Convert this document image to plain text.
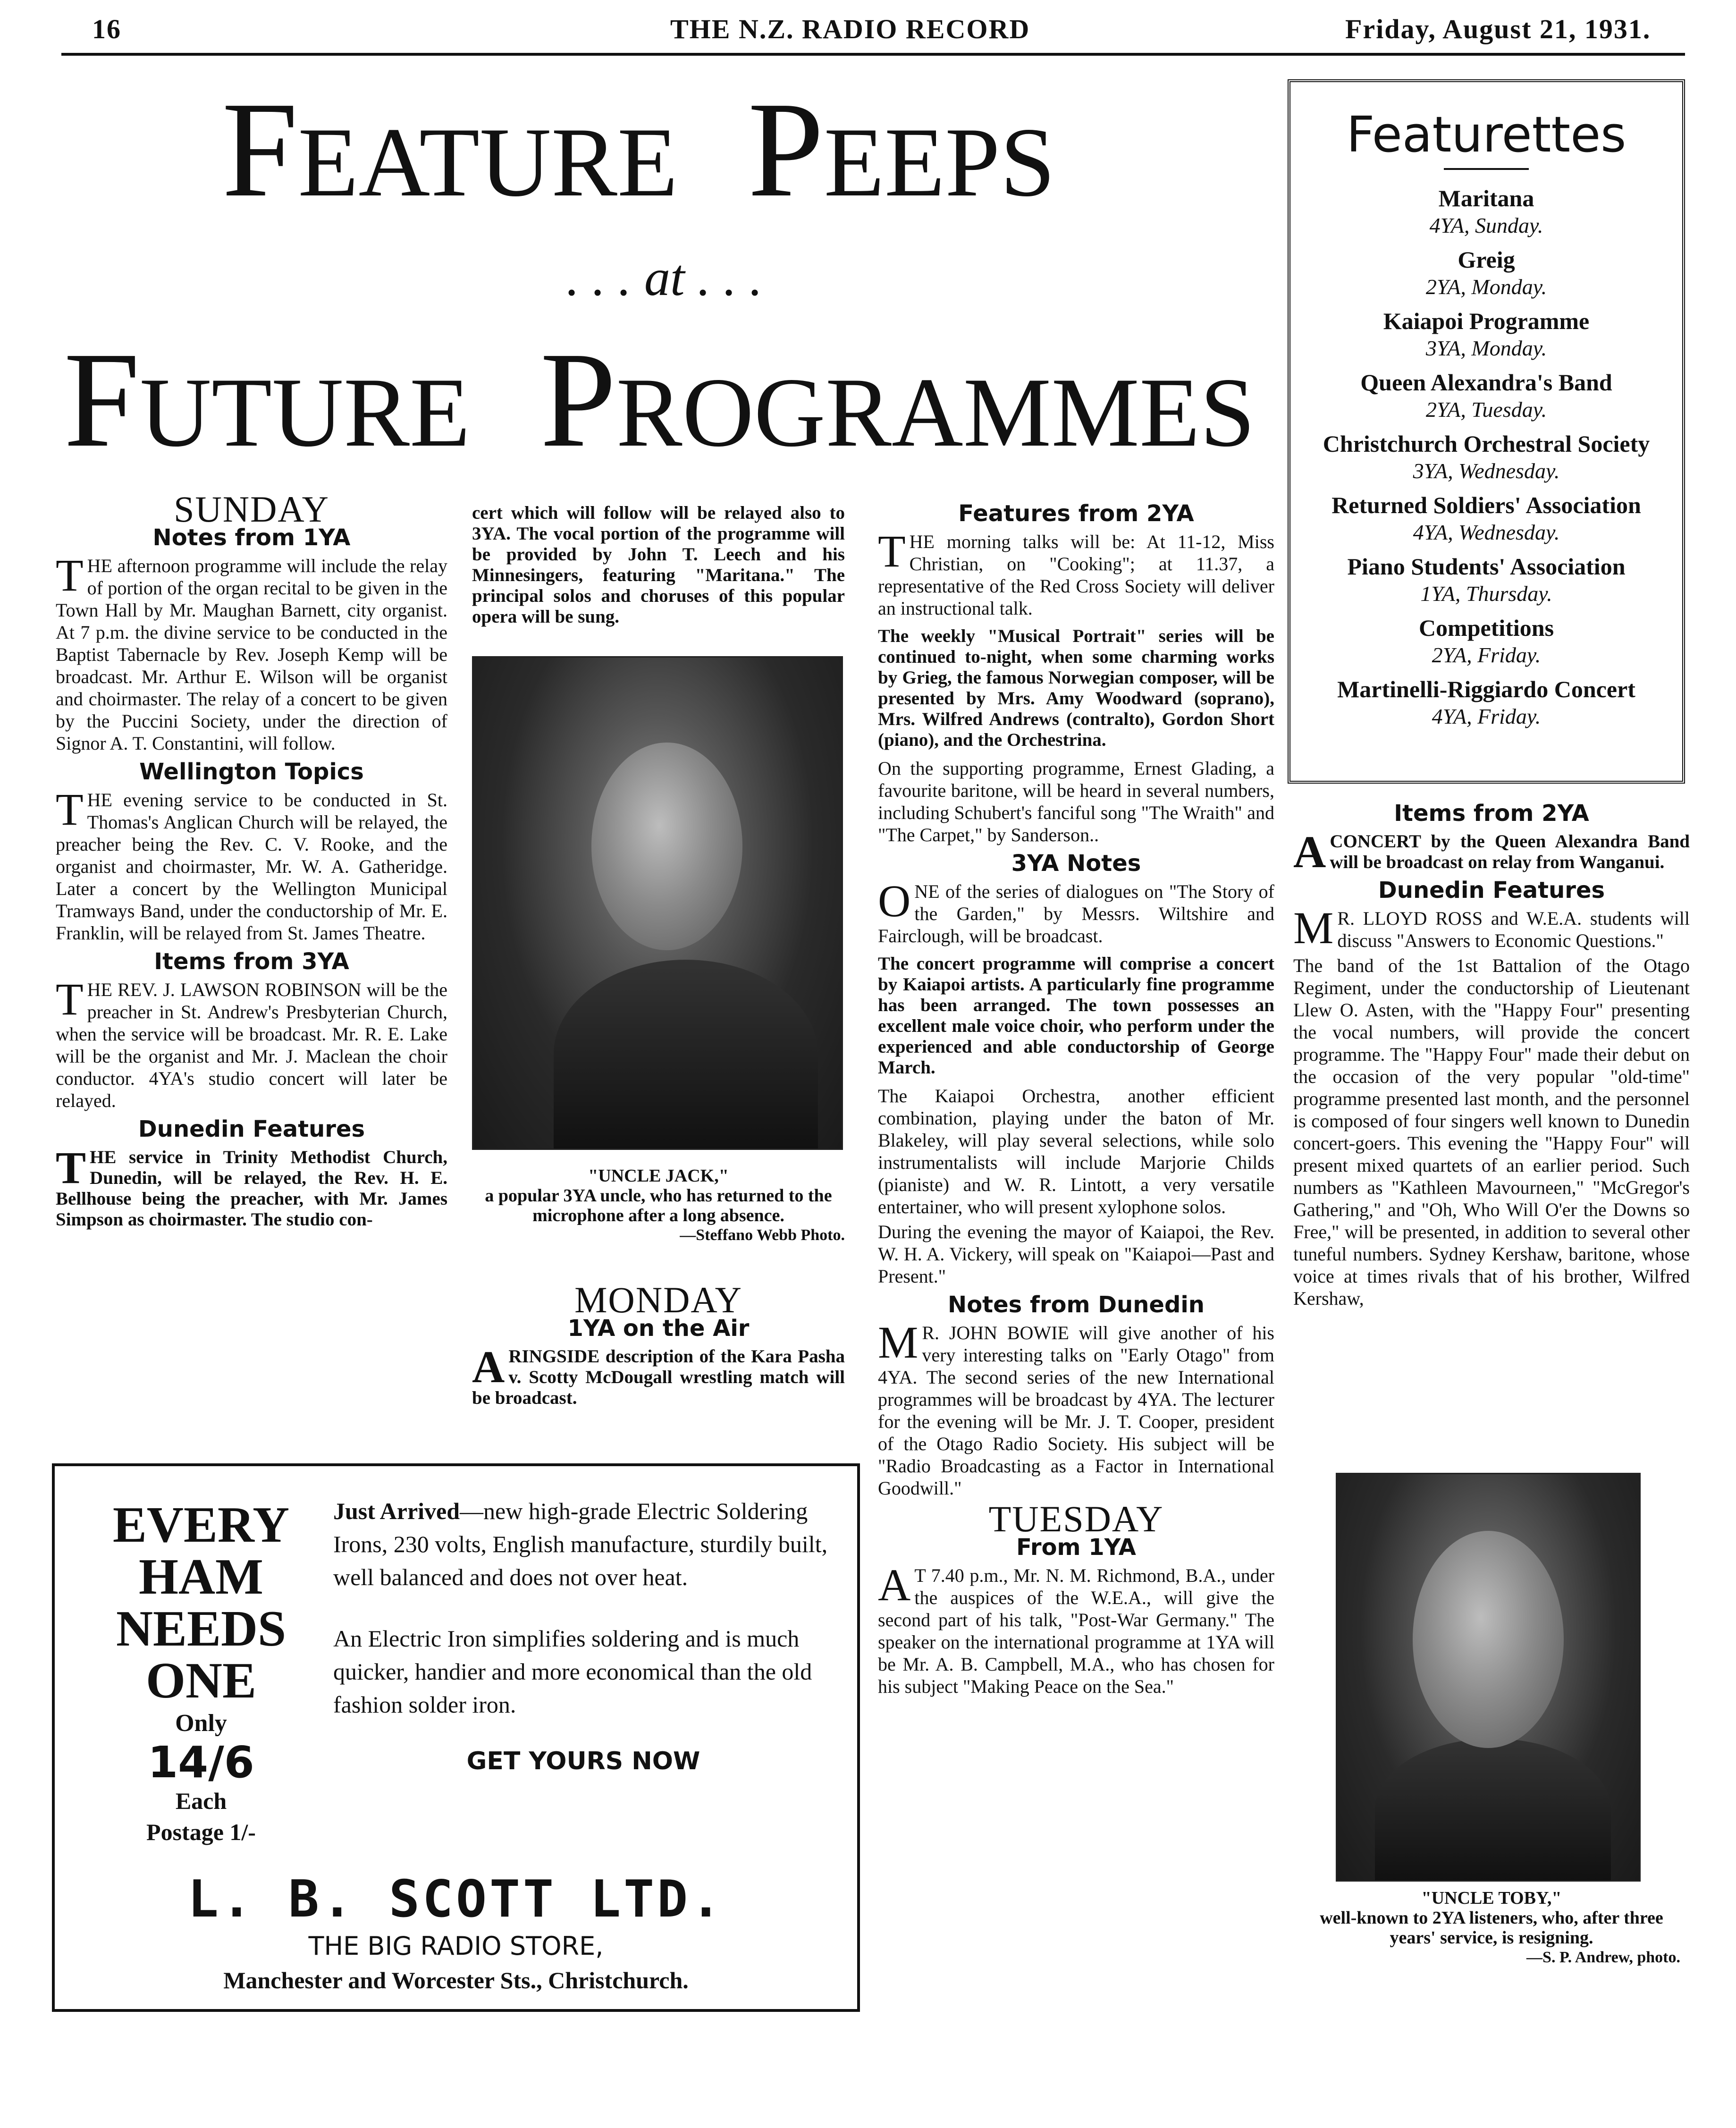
16	THE N.Z. RADIO RECORD	Friday, August 21, 1931.
FEATURE PEEPS
. . . at . . .
FUTURE PROGRAMMES
Featurettes
Maritana
4YA, Sunday.
Greig
2YA, Monday.
Kaiapoi Programme
3YA, Monday.
Queen Alexandra's Band
2YA, Tuesday.
Christchurch Orchestral Society
3YA, Wednesday.
Returned Soldiers' Association
4YA, Wednesday.
Piano Students' Association
1YA, Thursday.
Competitions
2YA, Friday.
Martinelli-Riggiardo Concert
4YA, Friday.
SUNDAY
Notes from 1YA

THE afternoon programme will include the relay of portion of the organ recital to be given in the Town Hall by Mr. Maughan Barnett, city organist. At 7 p.m. the divine service to be conducted in the Baptist Tabernacle by Rev. Joseph Kemp will be broadcast. Mr. Arthur E. Wilson will be organist and choirmaster. The relay of a concert to be given by the Puccini Society, under the direction of Signor A. T. Constantini, will follow.

Wellington Topics

THE evening service to be conducted in St. Thomas's Anglican Church will be relayed, the preacher being the Rev. C. V. Rooke, and the organist and choirmaster, Mr. W. A. Gatheridge. Later a concert by the Wellington Municipal Tramways Band, under the conductorship of Mr. E. Franklin, will be relayed from St. James Theatre.

Items from 3YA

THE REV. J. LAWSON ROBINSON will be the preacher in St. Andrew's Presbyterian Church, when the service will be broadcast. Mr. R. E. Lake will be the organist and Mr. J. Maclean the choir conductor. 4YA's studio concert will later be relayed.

Dunedin Features

THE service in Trinity Methodist Church, Dunedin, will be relayed, the Rev. H. E. Bellhouse being the preacher, with Mr. James Simpson as choirmaster. The studio con-

cert which will follow will be relayed also to 3YA. The vocal portion of the programme will be provided by John T. Leech and his Minnesingers, featuring "Maritana." The principal solos and choruses of this popular opera will be sung.

"UNCLE JACK,"
a popular 3YA uncle, who has returned to the microphone after a long absence.
—Steffano Webb Photo.
MONDAY
1YA on the Air

ARINGSIDE description of the Kara Pasha v. Scotty McDougall wrestling match will be broadcast.

Features from 2YA

THE morning talks will be: At 11-12, Miss Christian, on "Cooking"; at 11.37, a representative of the Red Cross Society will deliver an instructional talk.

The weekly "Musical Portrait" series will be continued to-night, when some charming works by Grieg, the famous Norwegian composer, will be presented by Mrs. Amy Woodward (soprano), Mrs. Wilfred Andrews (contralto), Gordon Short (piano), and the Orchestrina.

On the supporting programme, Ernest Glading, a favourite baritone, will be heard in several numbers, including Schubert's fanciful song "The Wraith" and "The Carpet," by Sanderson..

3YA Notes

ONE of the series of dialogues on "The Story of the Garden," by Messrs. Wiltshire and Fairclough, will be broadcast.

The concert programme will comprise a concert by Kaiapoi artists. A particularly fine programme has been arranged. The town possesses an excellent male voice choir, who perform under the experienced and able conductorship of George March.

The Kaiapoi Orchestra, another efficient combination, playing under the baton of Mr. Blakeley, will play several selections, while solo instrumentalists will include Marjorie Childs (pianiste) and W. R. Lintott, a very versatile entertainer, who will present xylophone solos.

During the evening the mayor of Kaiapoi, the Rev. W. H. A. Vickery, will speak on "Kaiapoi—Past and Present."

Notes from Dunedin

M R. JOHN BOWIE will give another of his very interesting talks on "Early Otago" from 4YA. The second series of the new International programmes will be broadcast by 4YA. The lecturer for the evening will be Mr. J. T. Cooper, president of the Otago Radio Society. His subject will be "Radio Broadcasting as a Factor in International Goodwill."

TUESDAY
From 1YA

A T 7.40 p.m., Mr. N. M. Richmond, B.A., under the auspices of the W.E.A., will give the second part of his talk, "Post-War Germany." The speaker on the international programme at 1YA will be Mr. A. B. Campbell, M.A., who has chosen for his subject "Making Peace on the Sea."

Items from 2YA

ACONCERT by the Queen Alexandra Band will be broadcast on relay from Wanganui.

Dunedin Features

M R. LLOYD ROSS and W.E.A. students will discuss "Answers to Economic Questions."

The band of the 1st Battalion of the Otago Regiment, under the conductorship of Lieutenant Llew O. Asten, with the "Happy Four" presenting the vocal numbers, will provide the concert programme. The "Happy Four" made their debut on the occasion of the very popular "old-time" programme presented last month, and the personnel is composed of four singers well known to Dunedin concert-goers. This evening the "Happy Four" will present mixed quartets of an earlier period. Such numbers as "Kathleen Mavourneen," "McGregor's Gathering," and "Oh, Who Will O'er the Downs so Free," will be presented, in addition to several other tuneful numbers. Sydney Kershaw, baritone, whose voice at times rivals that of his brother, Wilfred Kershaw,

"UNCLE TOBY,"
well-known to 2YA listeners, who, after three years' service, is resigning.
—S. P. Andrew, photo.
EVERY
HAM
NEEDS
ONE
Only
14/6
Each
Postage 1/-

Just Arrived—new high-grade Electric Soldering Irons, 230 volts, English manufacture, sturdily built, well balanced and does not over heat.

An Electric Iron simplifies soldering and is much quicker, handier and more economical than the old fashion solder iron.

GET YOURS NOW
L. B. SCOTT LTD.
THE BIG RADIO STORE,
Manchester and Worcester Sts., Christchurch.
